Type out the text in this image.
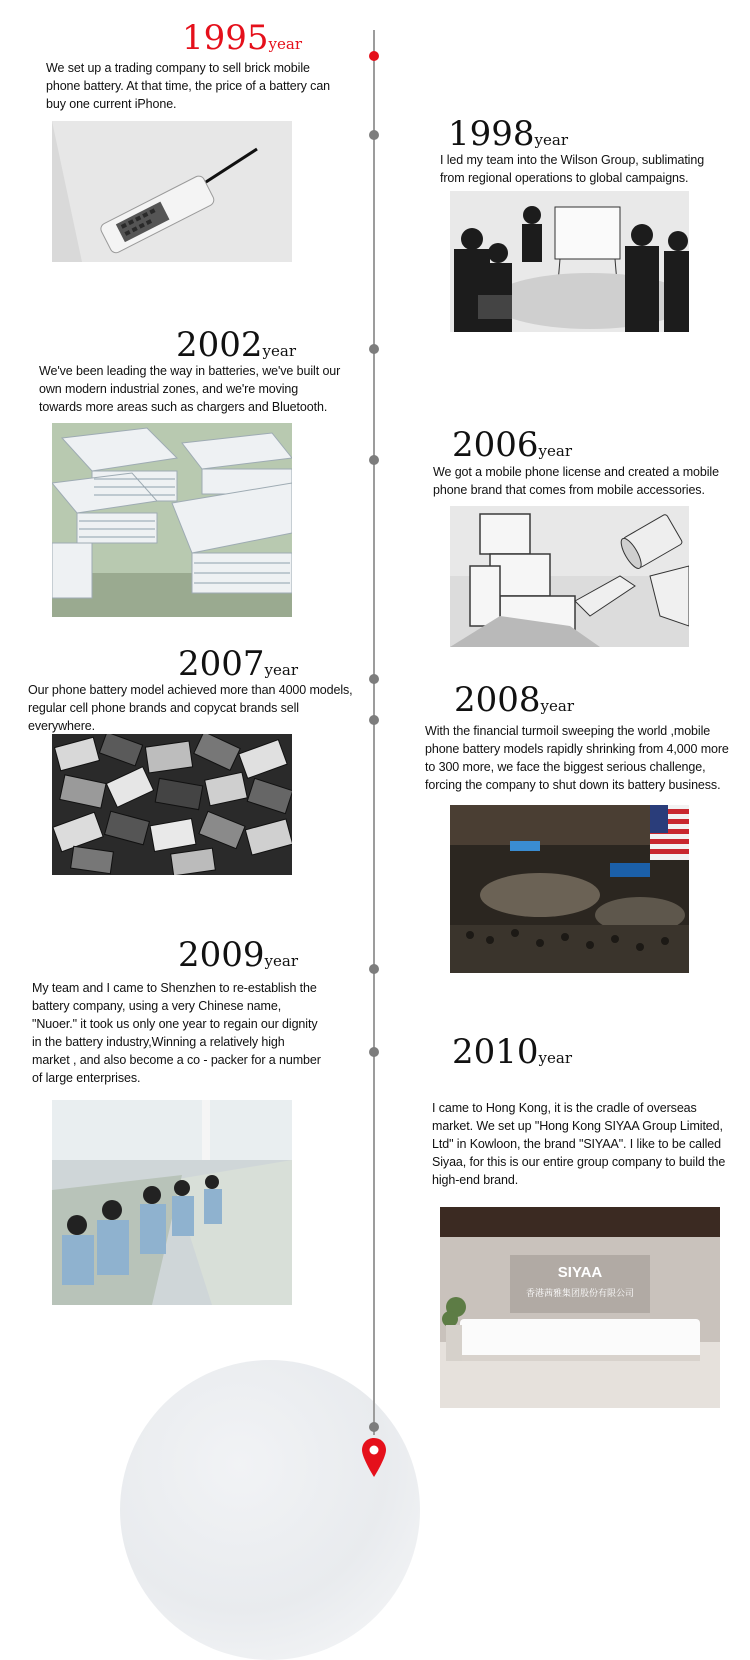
1995year
We set up a trading company to sell brick mobile phone battery. At that time, the price of a battery can buy one current iPhone.
1998year
I led my team into the Wilson Group, sublimating from regional operations to global campaigns.
2002year
We've been leading the way in batteries, we've built our own modern industrial zones, and we're moving towards more areas such as chargers and Bluetooth.
2006year
We got a mobile phone license and created a mobile phone brand that comes from mobile accessories.
2007year
Our phone battery model achieved more than 4000 models, regular cell phone brands and copycat brands sell everywhere.
2008year
With the financial turmoil sweeping the world ,mobile phone battery models rapidly shrinking from 4,000 more to 300 more, we face the biggest serious challenge, forcing the company to shut down its battery business.
2009year
My team and I came to Shenzhen to re-establish the battery company, using a very Chinese name, "Nuoer." it took us only one year to regain our dignity in the battery industry,Winning a relatively high market , and also become a co - packer for a number of large enterprises.
2010year
I came to Hong Kong, it is the cradle of overseas market. We set up "Hong Kong SIYAA Group Limited, Ltd" in Kowloon, the brand "SIYAA". I like to be called Siyaa, for this is our entire group company to build the high-end brand.
SIYAA
香港茜雅集团股份有限公司
